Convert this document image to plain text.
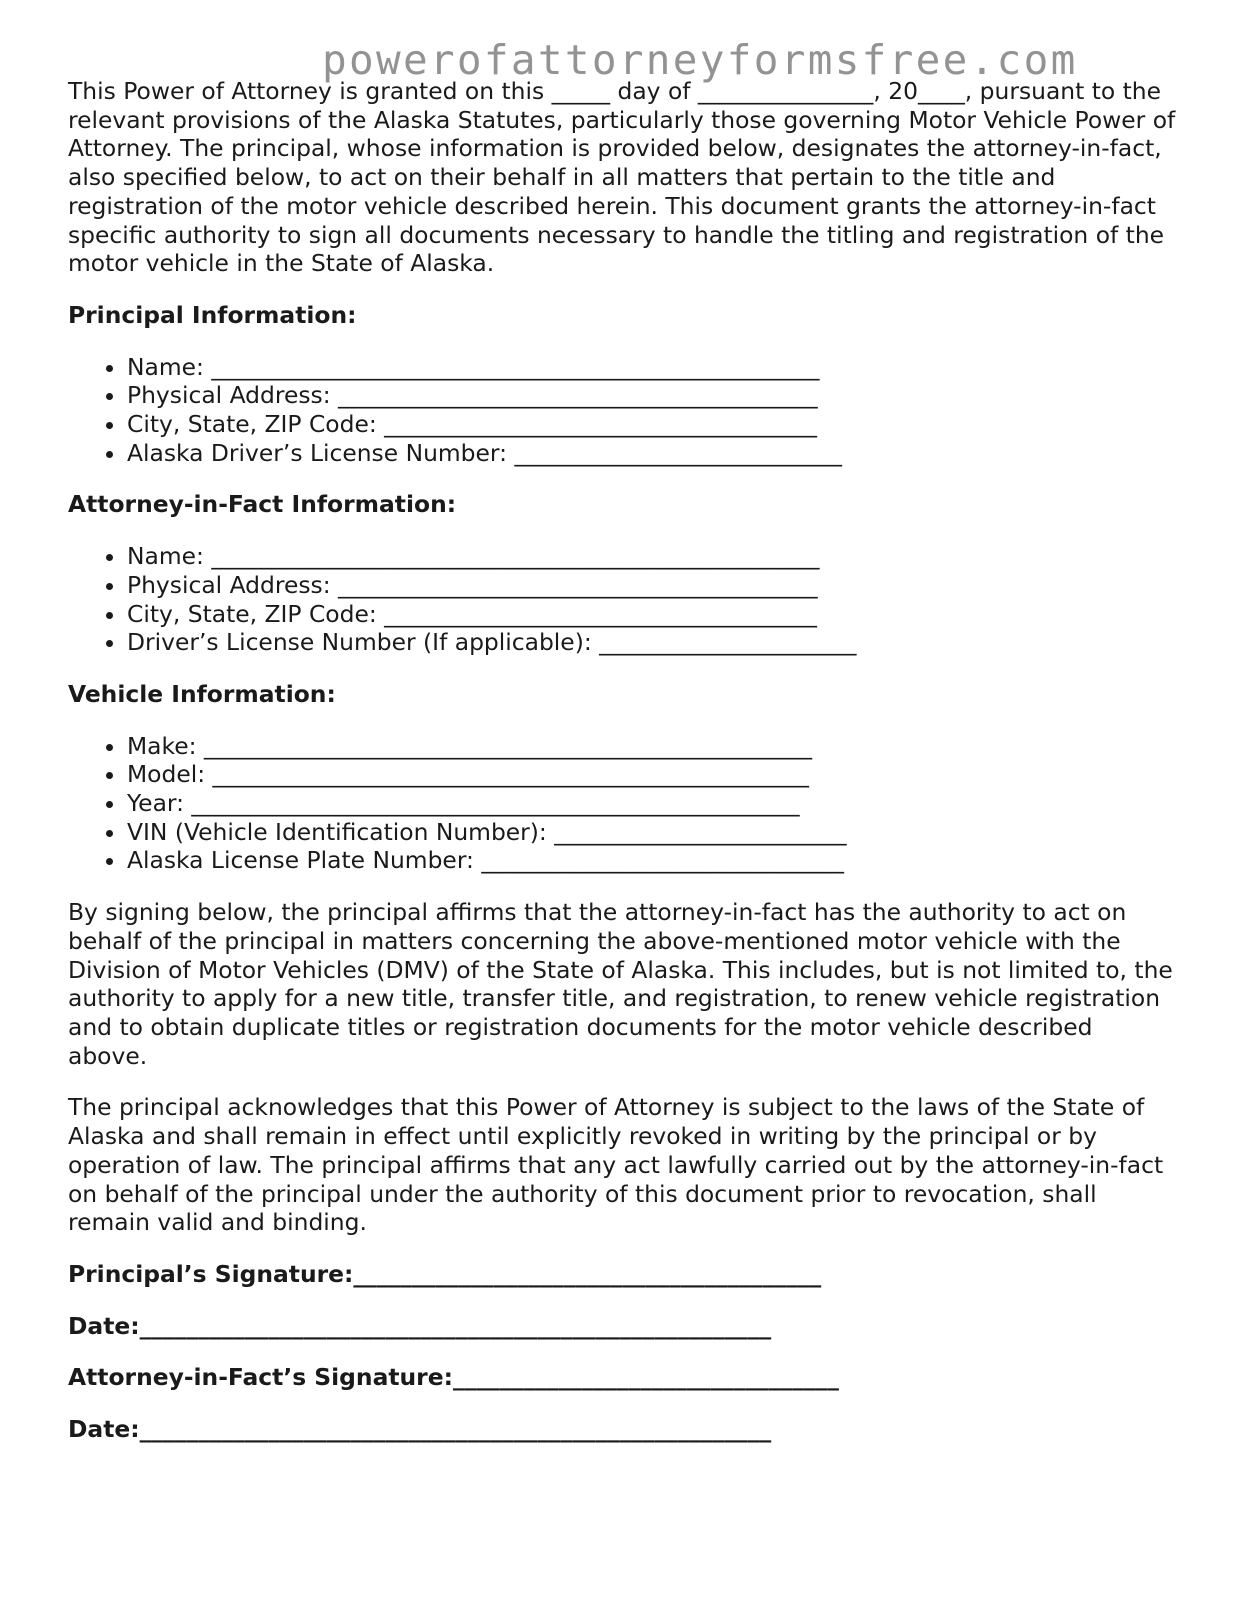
powerofattorneyformsfree.com

This Power of Attorney is granted on this _____ day of _______________, 20____, pursuant to the relevant provisions of the Alaska Statutes, particularly those governing Motor Vehicle Power of Attorney. The principal, whose information is provided below, designates the attorney-in-fact, also specified below, to act on their behalf in all matters that pertain to the title and registration of the motor vehicle described herein. This document grants the attorney-in-fact specific authority to sign all documents necessary to handle the titling and registration of the motor vehicle in the State of Alaska.

Principal Information:
• Name: ____________________________________________________
• Physical Address: _________________________________________
• City, State, ZIP Code: _____________________________________
• Alaska Driver’s License Number: ____________________________
Attorney-in-Fact Information:
• Name: ____________________________________________________
• Physical Address: _________________________________________
• City, State, ZIP Code: _____________________________________
• Driver’s License Number (If applicable): ______________________
Vehicle Information:
• Make: ____________________________________________________
• Model: ___________________________________________________
• Year: ____________________________________________________
• VIN (Vehicle Identification Number): _________________________
• Alaska License Plate Number: _______________________________

By signing below, the principal affirms that the attorney-in-fact has the authority to act on behalf of the principal in matters concerning the above-mentioned motor vehicle with the Division of Motor Vehicles (DMV) of the State of Alaska. This includes, but is not limited to, the authority to apply for a new title, transfer title, and registration, to renew vehicle registration and to obtain duplicate titles or registration documents for the motor vehicle described above.

The principal acknowledges that this Power of Attorney is subject to the laws of the State of Alaska and shall remain in effect until explicitly revoked in writing by the principal or by operation of law. The principal affirms that any act lawfully carried out by the attorney-in-fact on behalf of the principal under the authority of this document prior to revocation, shall remain valid and binding.

Principal’s Signature:________________________________________
Date:______________________________________________________
Attorney-in-Fact’s Signature:_________________________________
Date:______________________________________________________
